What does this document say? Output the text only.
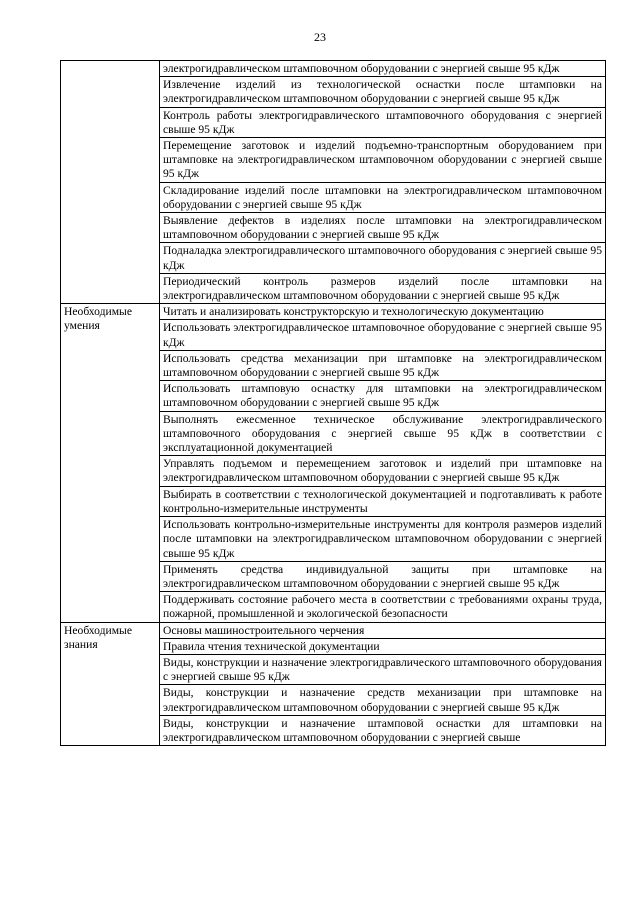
23
	электрогидравлическом штамповочном оборудовании с энергией свыше 95 кДж
	Извлечение изделий из технологической оснастки после штамповки на электрогидравлическом штамповочном оборудовании с энергией свыше 95 кДж
	Контроль работы электрогидравлического штамповочного оборудования с энергией свыше 95 кДж
	Перемещение заготовок и изделий подъемно-транспортным оборудованием при штамповке на электрогидравлическом штамповочном оборудовании с энергией свыше 95 кДж
	Складирование изделий после штамповки на электрогидравлическом штамповочном оборудовании с энергией свыше 95 кДж
	Выявление дефектов в изделиях после штамповки на электрогидравлическом штамповочном оборудовании с энергией свыше 95 кДж
	Подналадка электрогидравлического штамповочного оборудования с энергией свыше 95 кДж
	Периодический контроль размеров изделий после штамповки на электрогидравлическом штамповочном оборудовании с энергией свыше 95 кДж
Необходимые умения	Читать и анализировать конструкторскую и технологическую документацию
	Использовать электрогидравлическое штамповочное оборудование с энергией свыше 95 кДж
	Использовать средства механизации при штамповке на электрогидравлическом штамповочном оборудовании с энергией свыше 95 кДж
	Использовать штамповую оснастку для штамповки на электрогидравлическом штамповочном оборудовании с энергией свыше 95 кДж
	Выполнять ежесменное техническое обслуживание электрогидравлического штамповочного оборудования с энергией свыше 95 кДж в соответствии с эксплуатационной документацией
	Управлять подъемом и перемещением заготовок и изделий при штамповке на электрогидравлическом штамповочном оборудовании с энергией свыше 95 кДж
	Выбирать в соответствии с технологической документацией и подготавливать к работе контрольно-измерительные инструменты
	Использовать контрольно-измерительные инструменты для контроля размеров изделий после штамповки на электрогидравлическом штамповочном оборудовании с энергией свыше 95 кДж
	Применять средства индивидуальной защиты при штамповке на электрогидравлическом штамповочном оборудовании с энергией свыше 95 кДж
	Поддерживать состояние рабочего места в соответствии с требованиями охраны труда, пожарной, промышленной и экологической безопасности
Необходимые знания	Основы машиностроительного черчения
	Правила чтения технической документации
	Виды, конструкции и назначение электрогидравлического штамповочного оборудования с энергией свыше 95 кДж
	Виды, конструкции и назначение средств механизации при штамповке на электрогидравлическом штамповочном оборудовании с энергией свыше 95 кДж
	Виды, конструкции и назначение штамповой оснастки для штамповки на электрогидравлическом штамповочном оборудовании с энергией свыше
